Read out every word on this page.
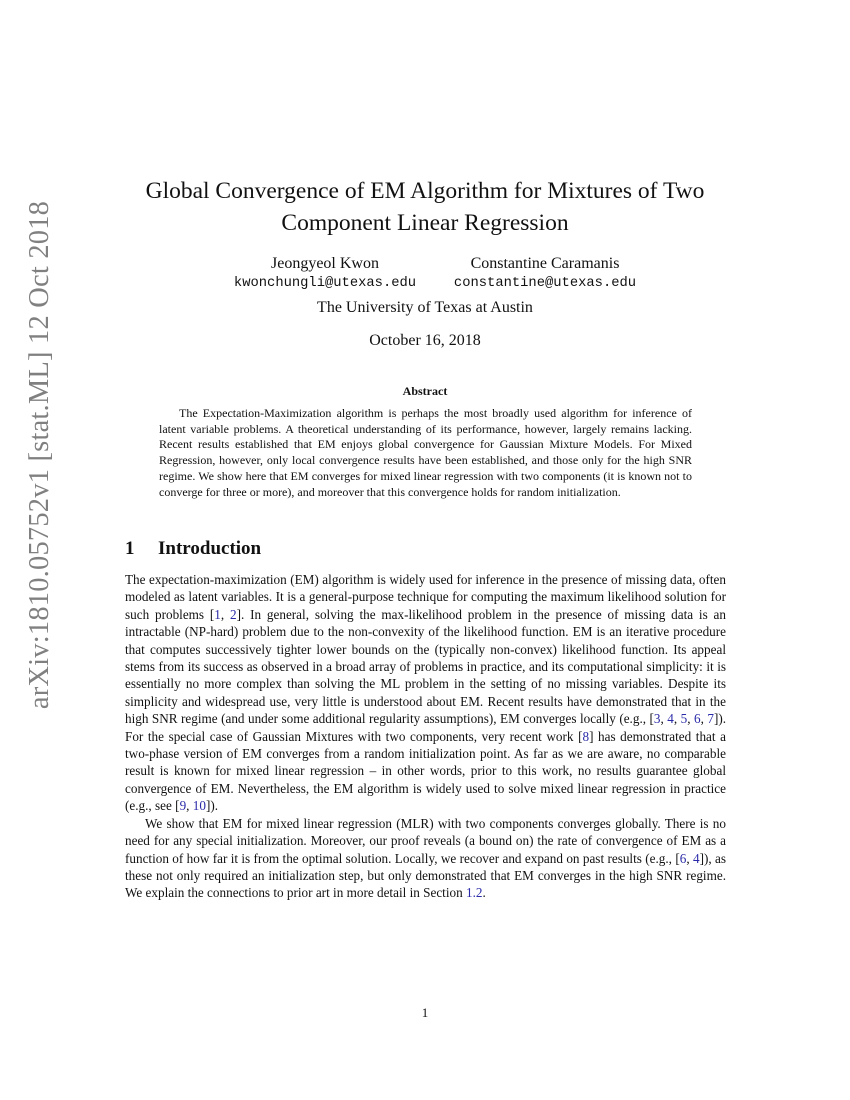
arXiv:1810.05752v1 [stat.ML] 12 Oct 2018
Global Convergence of EM Algorithm for Mixtures of Two
Component Linear Regression
Jeongyeol Kwon
kwonchungli@utexas.edu
Constantine Caramanis
constantine@utexas.edu
The University of Texas at Austin
October 16, 2018
Abstract

The Expectation-Maximization algorithm is perhaps the most broadly used algorithm for inference of latent variable problems. A theoretical understanding of its performance, however, largely remains lacking. Recent results established that EM enjoys global convergence for Gaussian Mixture Models. For Mixed Regression, however, only local convergence results have been established, and those only for the high SNR regime. We show here that EM converges for mixed linear regression with two components (it is known not to converge for three or more), and moreover that this convergence holds for random initialization.

1 Introduction

The expectation-maximization (EM) algorithm is widely used for inference in the presence of missing data, often modeled as latent variables. It is a general-purpose technique for computing the maximum likelihood solution for such problems [1, 2]. In general, solving the max-likelihood problem in the presence of missing data is an intractable (NP-hard) problem due to the non-convexity of the likelihood function. EM is an iterative procedure that computes successively tighter lower bounds on the (typically non-convex) likelihood function. Its appeal stems from its success as observed in a broad array of problems in practice, and its computational simplicity: it is essentially no more complex than solving the ML problem in the setting of no missing variables. Despite its simplicity and widespread use, very little is understood about EM. Recent results have demonstrated that in the high SNR regime (and under some additional regularity assumptions), EM converges locally (e.g., [3, 4, 5, 6, 7]). For the special case of Gaussian Mixtures with two components, very recent work [8] has demonstrated that a two-phase version of EM converges from a random initialization point. As far as we are aware, no comparable result is known for mixed linear regression – in other words, prior to this work, no results guarantee global convergence of EM. Nevertheless, the EM algorithm is widely used to solve mixed linear regression in practice (e.g., see [9, 10]).

We show that EM for mixed linear regression (MLR) with two components converges globally. There is no need for any special initialization. Moreover, our proof reveals (a bound on) the rate of convergence of EM as a function of how far it is from the optimal solution. Locally, we recover and expand on past results (e.g., [6, 4]), as these not only required an initialization step, but only demonstrated that EM converges in the high SNR regime. We explain the connections to prior art in more detail in Section 1.2.

1
